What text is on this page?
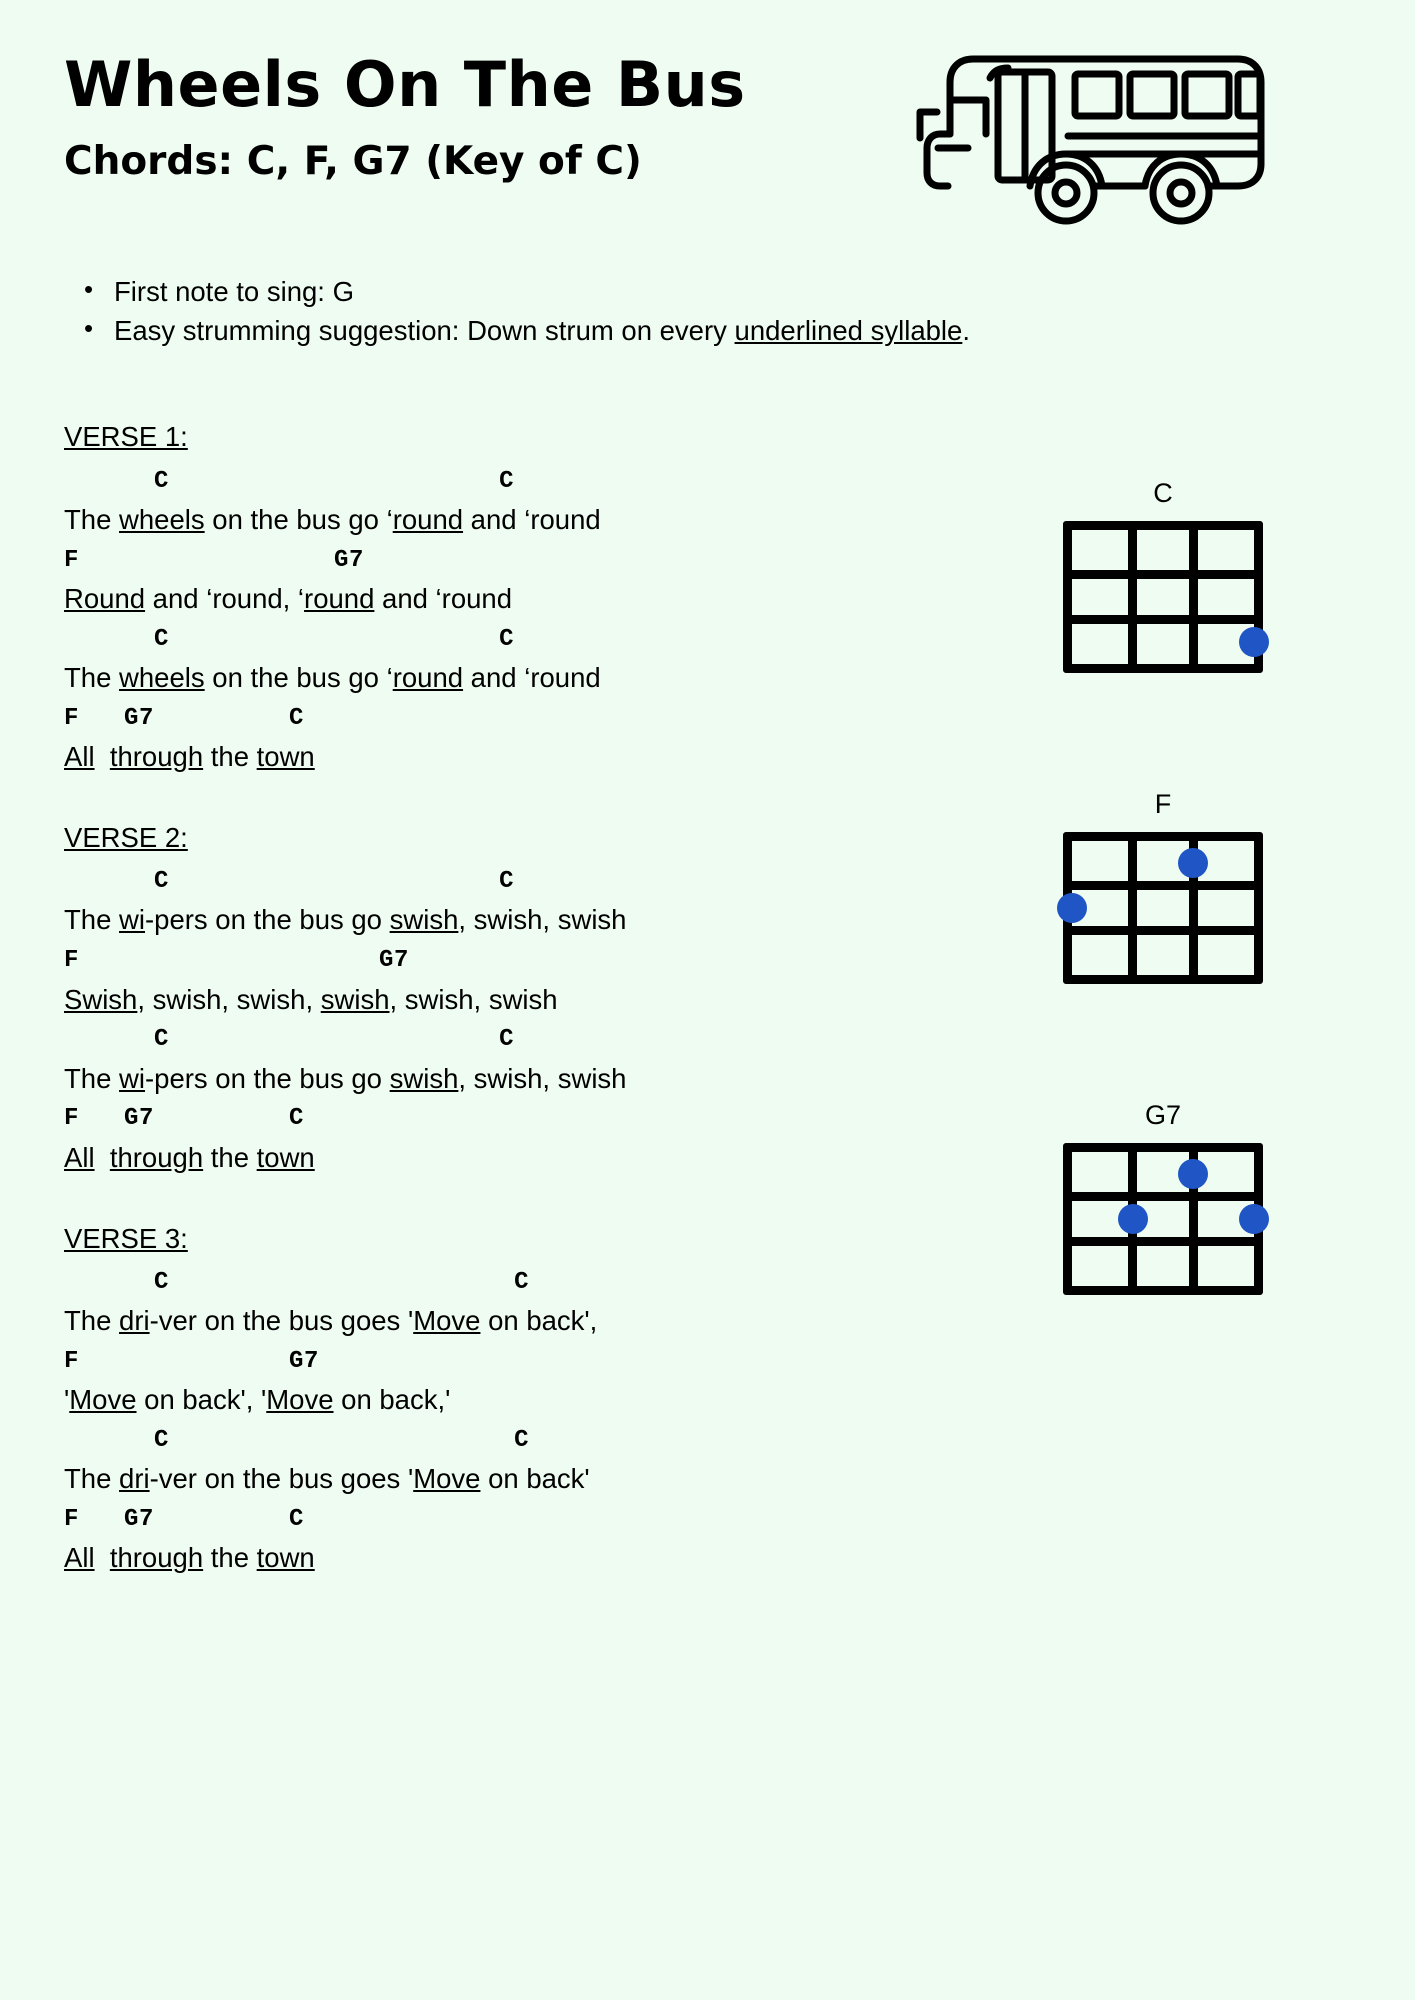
Wheels On The Bus
Chords: C, F, G7 (Key of C)
• First note to sing: G
• Easy strumming suggestion: Down strum on every underlined syllable.
VERSE 1:
C                      C
The wheels on the bus go ‘round and ‘round
F                 G7
Round and ‘round, ‘round and ‘round
C                      C
The wheels on the bus go ‘round and ‘round
F   G7         C
All through the town
VERSE 2:
C                      C
The wi-pers on the bus go swish, swish, swish
F                    G7
Swish, swish, swish, swish, swish, swish
C                      C
The wi-pers on the bus go swish, swish, swish
F   G7         C
All through the town
VERSE 3:
C                       C
The dri-ver on the bus goes 'Move on back',
F              G7
'Move on back', 'Move on back,'
C                       C
The dri-ver on the bus goes 'Move on back'
F   G7         C
All through the town
C
F
G7
